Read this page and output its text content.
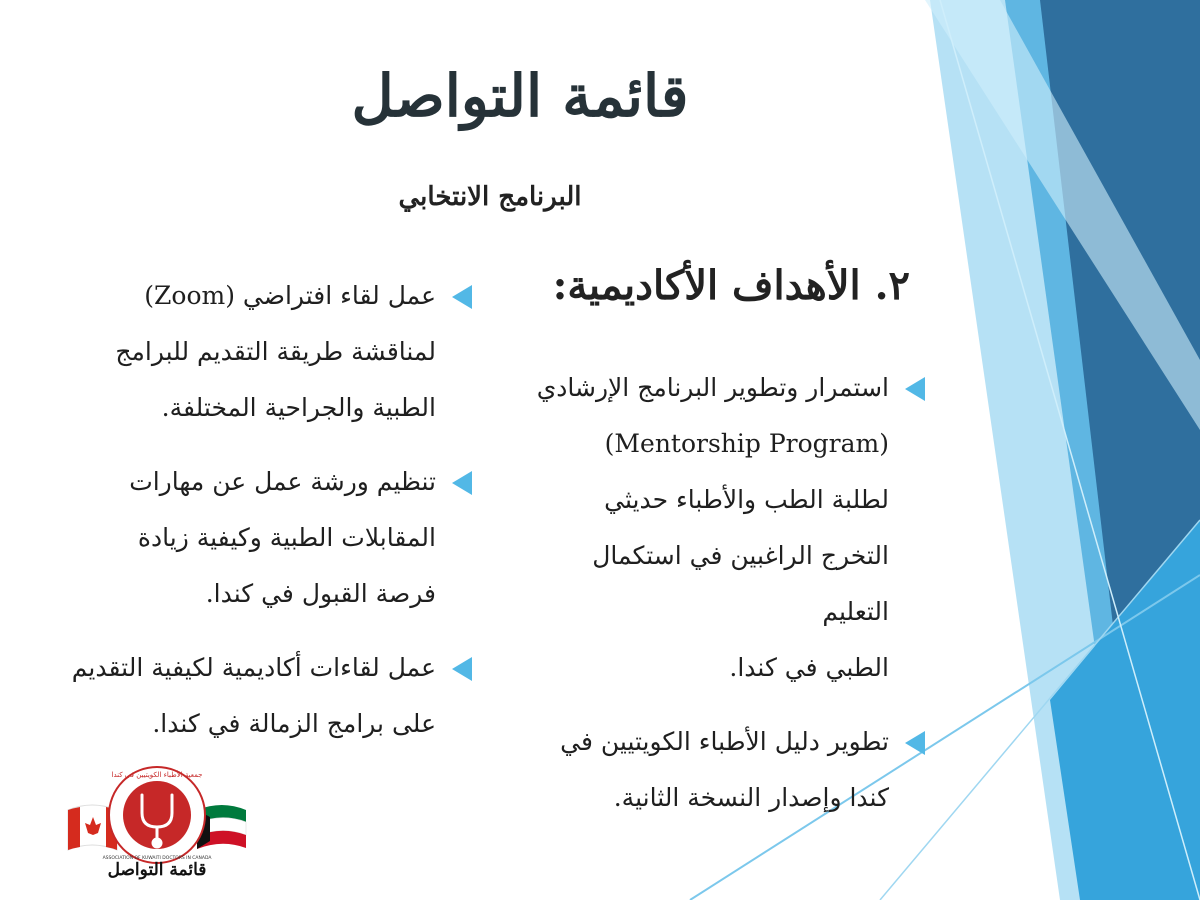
قائمة التواصل
البرنامج الانتخابي
٢. الأهداف الأكاديمية:
استمرار وتطوير البرنامج الإرشادي
(Mentorship Program)
لطلبة الطب والأطباء حديثي
التخرج الراغبين في استكمال التعليم
الطبي في كندا.
تطوير دليل الأطباء الكويتيين في
كندا وإصدار النسخة الثانية.
عمل لقاء افتراضي (Zoom)
لمناقشة طريقة التقديم للبرامج
الطبية والجراحية المختلفة.
تنظيم ورشة عمل عن مهارات
المقابلات الطبية وكيفية زيادة
فرصة القبول في كندا.
عمل لقاءات أكاديمية لكيفية التقديم
على برامج الزمالة في كندا.
جمعية الأطباء الكويتيين في كندا
ASSOCIATION OF KUWAITI DOCTORS IN CANADA
قائمة التواصل
